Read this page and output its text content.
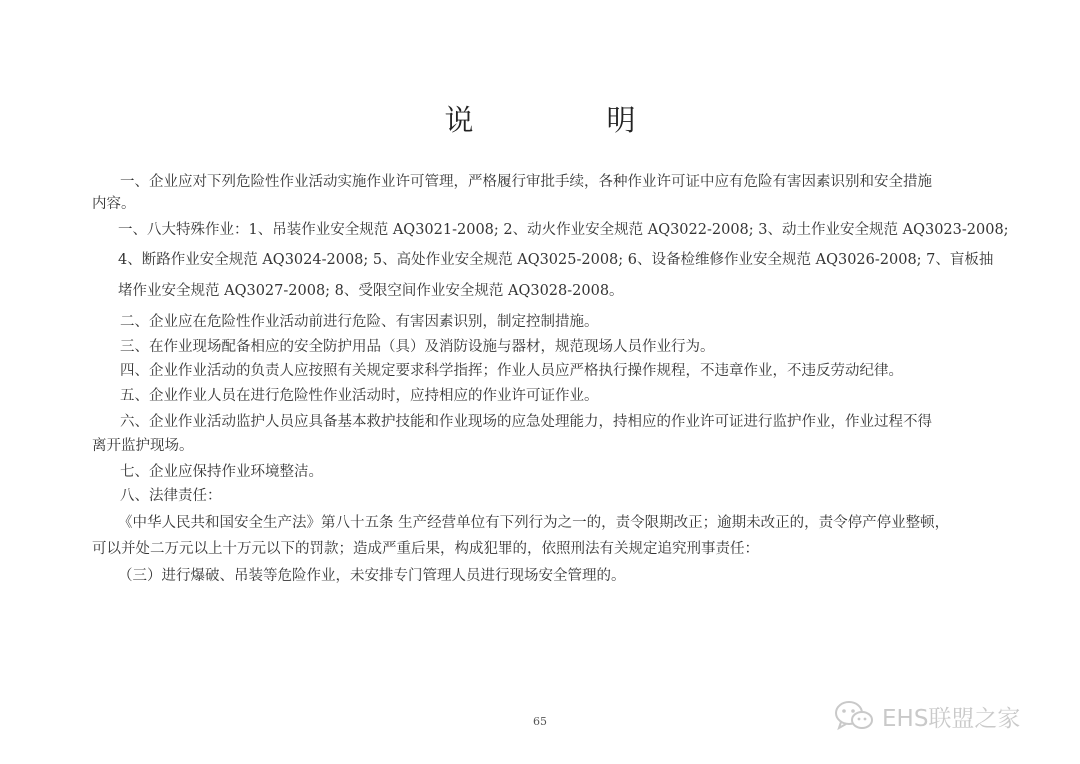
说　明
一、企业应对下列危险性作业活动实施作业许可管理，严格履行审批手续，各种作业许可证中应有危险有害因素识别和安全措施
内容。
一、八大特殊作业：1、吊装作业安全规范 AQ3021-2008; 2、动火作业安全规范 AQ3022-2008; 3、动土作业安全规范 AQ3023-2008;
4、断路作业安全规范 AQ3024-2008; 5、高处作业安全规范 AQ3025-2008; 6、设备检维修作业安全规范 AQ3026-2008; 7、盲板抽
堵作业安全规范 AQ3027-2008; 8、受限空间作业安全规范 AQ3028-2008。
二、企业应在危险性作业活动前进行危险、有害因素识别，制定控制措施。
三、在作业现场配备相应的安全防护用品（具）及消防设施与器材，规范现场人员作业行为。
四、企业作业活动的负责人应按照有关规定要求科学指挥；作业人员应严格执行操作规程，不违章作业，不违反劳动纪律。
五、企业作业人员在进行危险性作业活动时，应持相应的作业许可证作业。
六、企业作业活动监护人员应具备基本救护技能和作业现场的应急处理能力，持相应的作业许可证进行监护作业，作业过程不得
离开监护现场。
七、企业应保持作业环境整洁。
八、法律责任：
《中华人民共和国安全生产法》第八十五条 生产经营单位有下列行为之一的，责令限期改正；逾期未改正的，责令停产停业整顿，
可以并处二万元以上十万元以下的罚款；造成严重后果，构成犯罪的，依照刑法有关规定追究刑事责任：
（三）进行爆破、吊装等危险作业，未安排专门管理人员进行现场安全管理的。
65	EHS联盟之家
